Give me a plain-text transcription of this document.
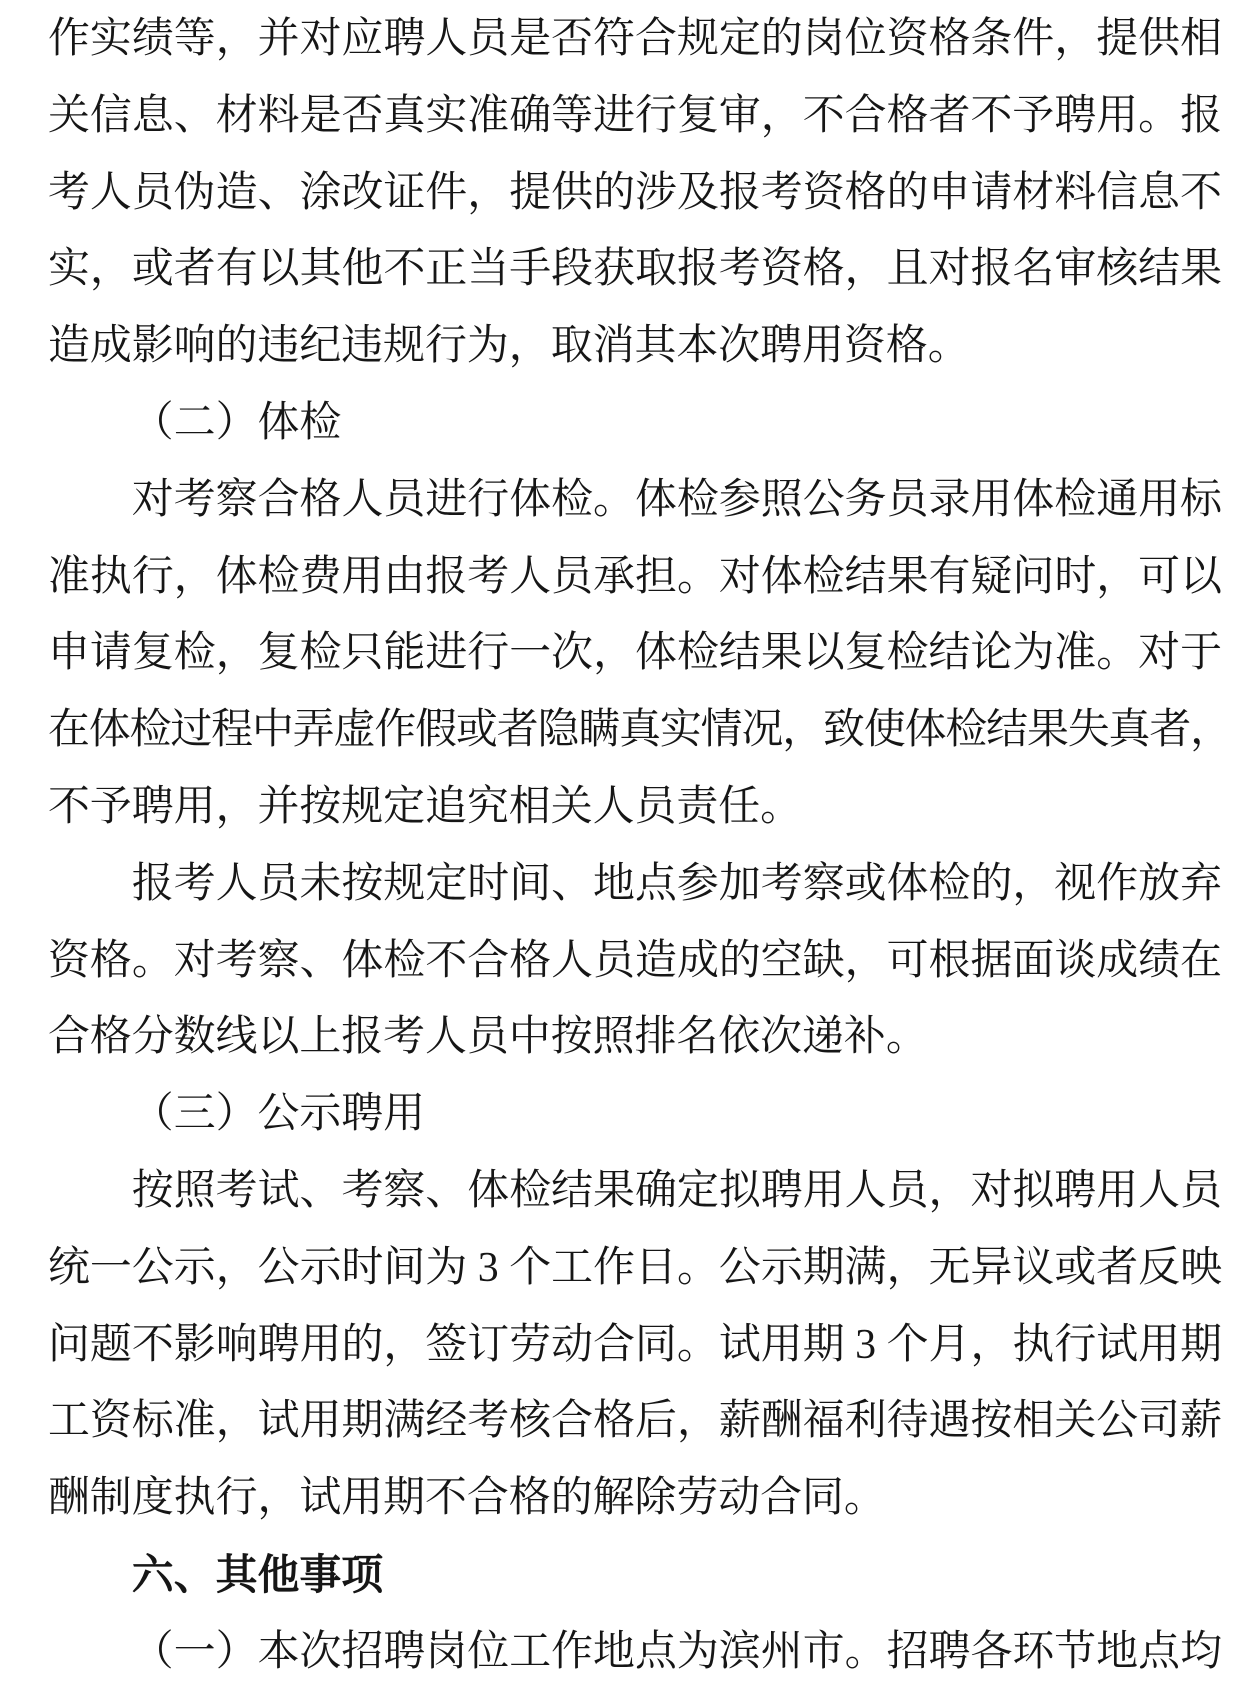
作实绩等，并对应聘人员是否符合规定的岗位资格条件，提供相
关信息、材料是否真实准确等进行复审，不合格者不予聘用。报
考人员伪造、涂改证件，提供的涉及报考资格的申请材料信息不
实，或者有以其他不正当手段获取报考资格，且对报名审核结果
造成影响的违纪违规行为，取消其本次聘用资格。
（二）体检
对考察合格人员进行体检。体检参照公务员录用体检通用标
准执行，体检费用由报考人员承担。对体检结果有疑问时，可以
申请复检，复检只能进行一次，体检结果以复检结论为准。对于
在体检过程中弄虚作假或者隐瞒真实情况，致使体检结果失真者，
不予聘用，并按规定追究相关人员责任。
报考人员未按规定时间、地点参加考察或体检的，视作放弃
资格。对考察、体检不合格人员造成的空缺，可根据面谈成绩在
合格分数线以上报考人员中按照排名依次递补。
（三）公示聘用
按照考试、考察、体检结果确定拟聘用人员，对拟聘用人员
统一公示，公示时间为 3 个工作日。公示期满，无异议或者反映
问题不影响聘用的，签订劳动合同。试用期 3 个月，执行试用期
工资标准，试用期满经考核合格后，薪酬福利待遇按相关公司薪
酬制度执行，试用期不合格的解除劳动合同。
六、其他事项
（一）本次招聘岗位工作地点为滨州市。招聘各环节地点均
